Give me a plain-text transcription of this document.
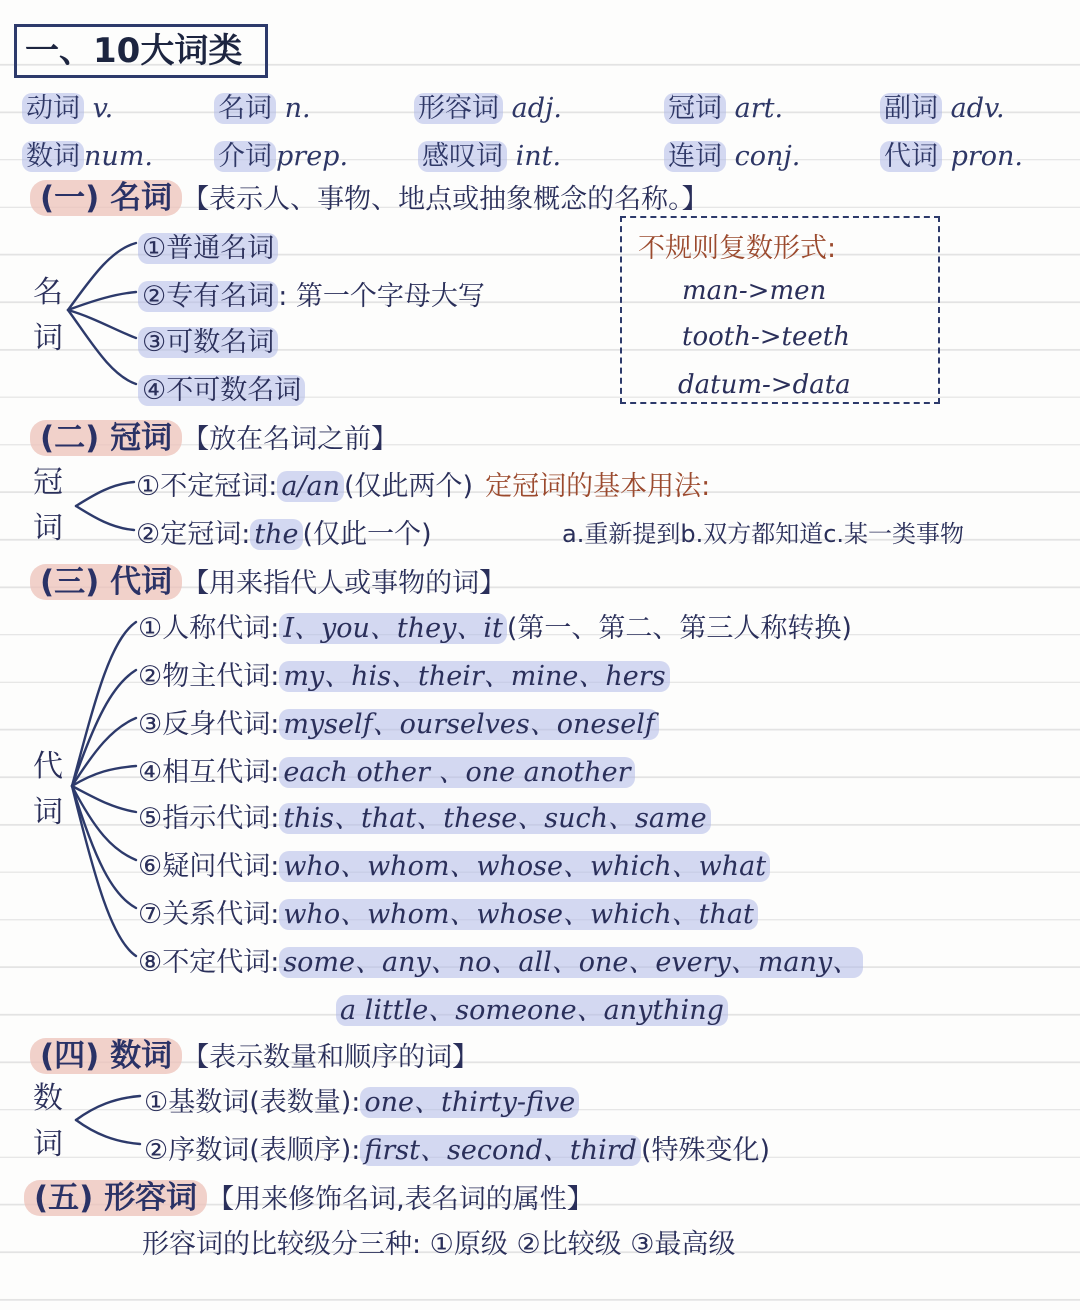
一、10大词类
动词 v.	名词 n.	形容词 adj.	冠词 art.	副词 adv.
数词 num. 介词 prep.	感叹词 int.	连词 conj.	代词 pron.
(一) 名词 【表示人、事物、地点或抽象概念的名称。】
名
词
①普通名词
②专有名词 : 第一个字母大写
③可数名词
④不可数名词
不规则复数形式:
man->men
tooth->teeth
datum->data
(二) 冠词 【放在名词之前】
冠
词
①不定冠词: a/an (仅此两个) 定冠词的基本用法:
②定冠词: the (仅此一个)	a.重新提到b.双方都知道c.某一类事物
(三) 代词 【用来指代人或事物的词】
代
词
①人称代词: I、you、they、it (第一、第二、第三人称转换)
②物主代词: my、his、their、mine、hers
③反身代词: myself、ourselves、oneself
④相互代词: each other 、one another
⑤指示代词: this、that、these、such、same
⑥疑问代词: who、whom、whose、which、what
⑦关系代词: who、whom、whose、which、that
⑧不定代词: some、any、no、all、one、every、many、
a little、someone、anything
(四) 数词 【表示数量和顺序的词】
数
词
①基数词(表数量): one、thirty-five
②序数词(表顺序): first、second、third (特殊变化)
(五) 形容词 【用来修饰名词,表名词的属性】
形容词的比较级分三种: ①原级 ②比较级 ③最高级
